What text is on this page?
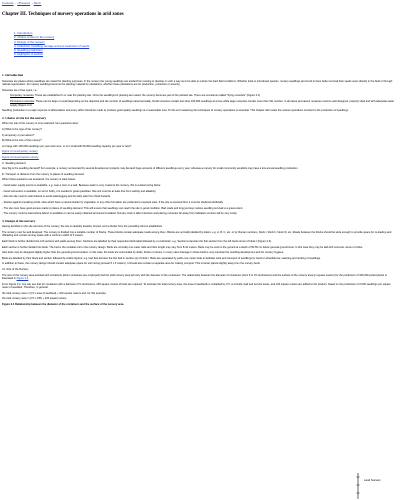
Contents - <Previous - Next>
Chapter III. Techniques of nursery operations in arid zones
1. Introduction
2. Choice of site for the nursery
3. Design of the nursery
4. Collection, handling, storage and pre-treatment of seeds
5. Seedling production
6. Highlights of section
1. Introduction

Nurseries are places where seedlings are raised for planting purposes. In the nursery the young seedlings are tended from sowing to develop in such a way as to be able to endure the hard field conditions. Whether local or introduced species, nursery seedlings are found to have better survival than seeds sown directly in the field or through natural regeneration. So nursery seedlings become the planting material for plantations; whether these plantations are for production, protection or amenity.

Nurseries are of two types, i.e.:

Temporary nurseries: These are established in or near the planting site. Once the seedlings for planting are raised, the nursery becomes part of the planted site. There are sometimes called "flying nurseries" (Figure 3.1)

Permanent nurseries: These can be large or small depending on the objective and the number of seedlings raised annually. Small nurseries contain less than 100,000 seedlings at a time while large nurseries contain more than this number. In all cases permanent nurseries must be well designed, properly sited and with adequate water supply (Figure 3.2).

Seedling production is a major expense of afforestation and every effort should be made to produce good quality seedlings at a reasonable cost. To this end mastering the techniques of nursery operations is essential. This chapter will review the various operations involved in the production of seedlings.

2. Choice of site for the nursery

When the site of the nursery is to be selected, four questions arise:

A) What is the type of the nursery?

b) temporary or permanent?

B) What is the size of the nursery?

is it large with 100,000 seedlings per year and more, or is it small with 50,000 seedling capacity per year or less?

Figure 3.1 A temporary nursery.

Figure 3.2 A permanent nursery.

C. Seedling demand

How big is the seedling demand? For example, a nursery surrounded by several development projects may demand huge amounts of different seedlings every year, whereas a nursery for small community woodlots may have a low annual seedling production.

D. Transport or distance from the nursery to places of seedling demand.

When these questions are answered, the nursery is sited where:

- Good water supply source is available, e.g. near a river or a well. Because water is very crucial to the nursery, this is a determining factor.

- Good soil source is available, so soil in bulky, it is needed in great quantities. Site soil must be at least free from salinity and alkalinity.

- Also the site must be well drained to avoid waterlogging and be fairly safe from flood hazards.

- Shelter against prevailing winds: sites which have a natural shelter by vegetation or any other formation are preferred to exposed sites. If the site is exposed then it must be sheltered artificially.

- The site must have good access roads to places of seedling demand. This will ensure that seedlings can reach the site in good condition. Bad roads and long journeys reduce seedling survival to a great extent.

- The nursery must be sited where labour is available or can be easily obtained and accommodated. Nursery work is labor-intensive and placing nurseries far away from habitation centres will be very costly.

3. Design of the nursery

Having decided on the site and size of the nursery, the site is carefully levelled, fenced, and a shelter from the prevailing wind is established.

The nursery must be well designed. The nursery is divided into a suitable number of blocks. These blocks contain adequate roads among them. Blocks are normally labelled by letters, e.g. A, B, C, etc. or by Roman numbers, block I, block II, block III, etc. Roads between the blocks should be wide enough to provide space for re-loading and offloading and contain turning space with a minimum width of 5 meters.

Each block is further divided into 4-8 sections with paths among them. Sections are labelled by their respective block label followed by a small letter, e.g. Section la denotes the first section from the left hand corner of block I (Figure 3.3).

Each section is further divided into beds. The bed is the smallest unit in the nursery design. Beds are normally one meter wide and their length may vary from 8-10 meters. Beds may be sunk in the ground at a depth of 50-55 cm below general ground level. In this case they may be laid with concrete, stone or bricks.

Also beds may be designed slightly higher than the general ground surface. In this case, the beds are surrounded by slabs, bricks or stones. In every case drainage in these beds is very important for seedling development and for nursery hygiene.

Beds are labelled by their block and section followed by Arabic figures; e.g. bed IIa1 denotes the first bed in section (a) of block I. Beds are separated by paths one meter wide to facilitate work and transport of seedlings by hand or wheelbarrow, watering and tending of seedlings.

In addition to these, the nursery design should contain adequate space for soil mixing (at least 5 x 5 meters). It should also contain a separate area for making compost. This is better placed slightly away from the nursery beds.

3.1 Size of the Nursery

The size of the nursery area stocked with containers (when containers are employed) and the total nursery area will vary with the diameter of the containers. The relationship between the diameter of containers (from 5 to 15 centimetres) and the surface of the nursery area (in square meters) for the production of 100,000 potted plants is illustrated in Figure 3.4.

From Figure 3.4, one can see that for containers with a diameter of 5 centimetres, 245 square meters of beds are required. To estimate the total nursery area, the area of seedbeds is multiplied by 2.5, to include road and service areas, and 100 square meters are added to the product, based on the production of 2,000 seedlings per square meter of seedbed. Therefore, in general:

the total nursery area = (2.5 x area of seedbed) + 100 square meters and, for this example,

the total nursery area = (2.5 x 245) + 100 square meters

Figure 3.4 Relationship between the diameter of the containers and the surface of the nursery area.

Land Nursery
